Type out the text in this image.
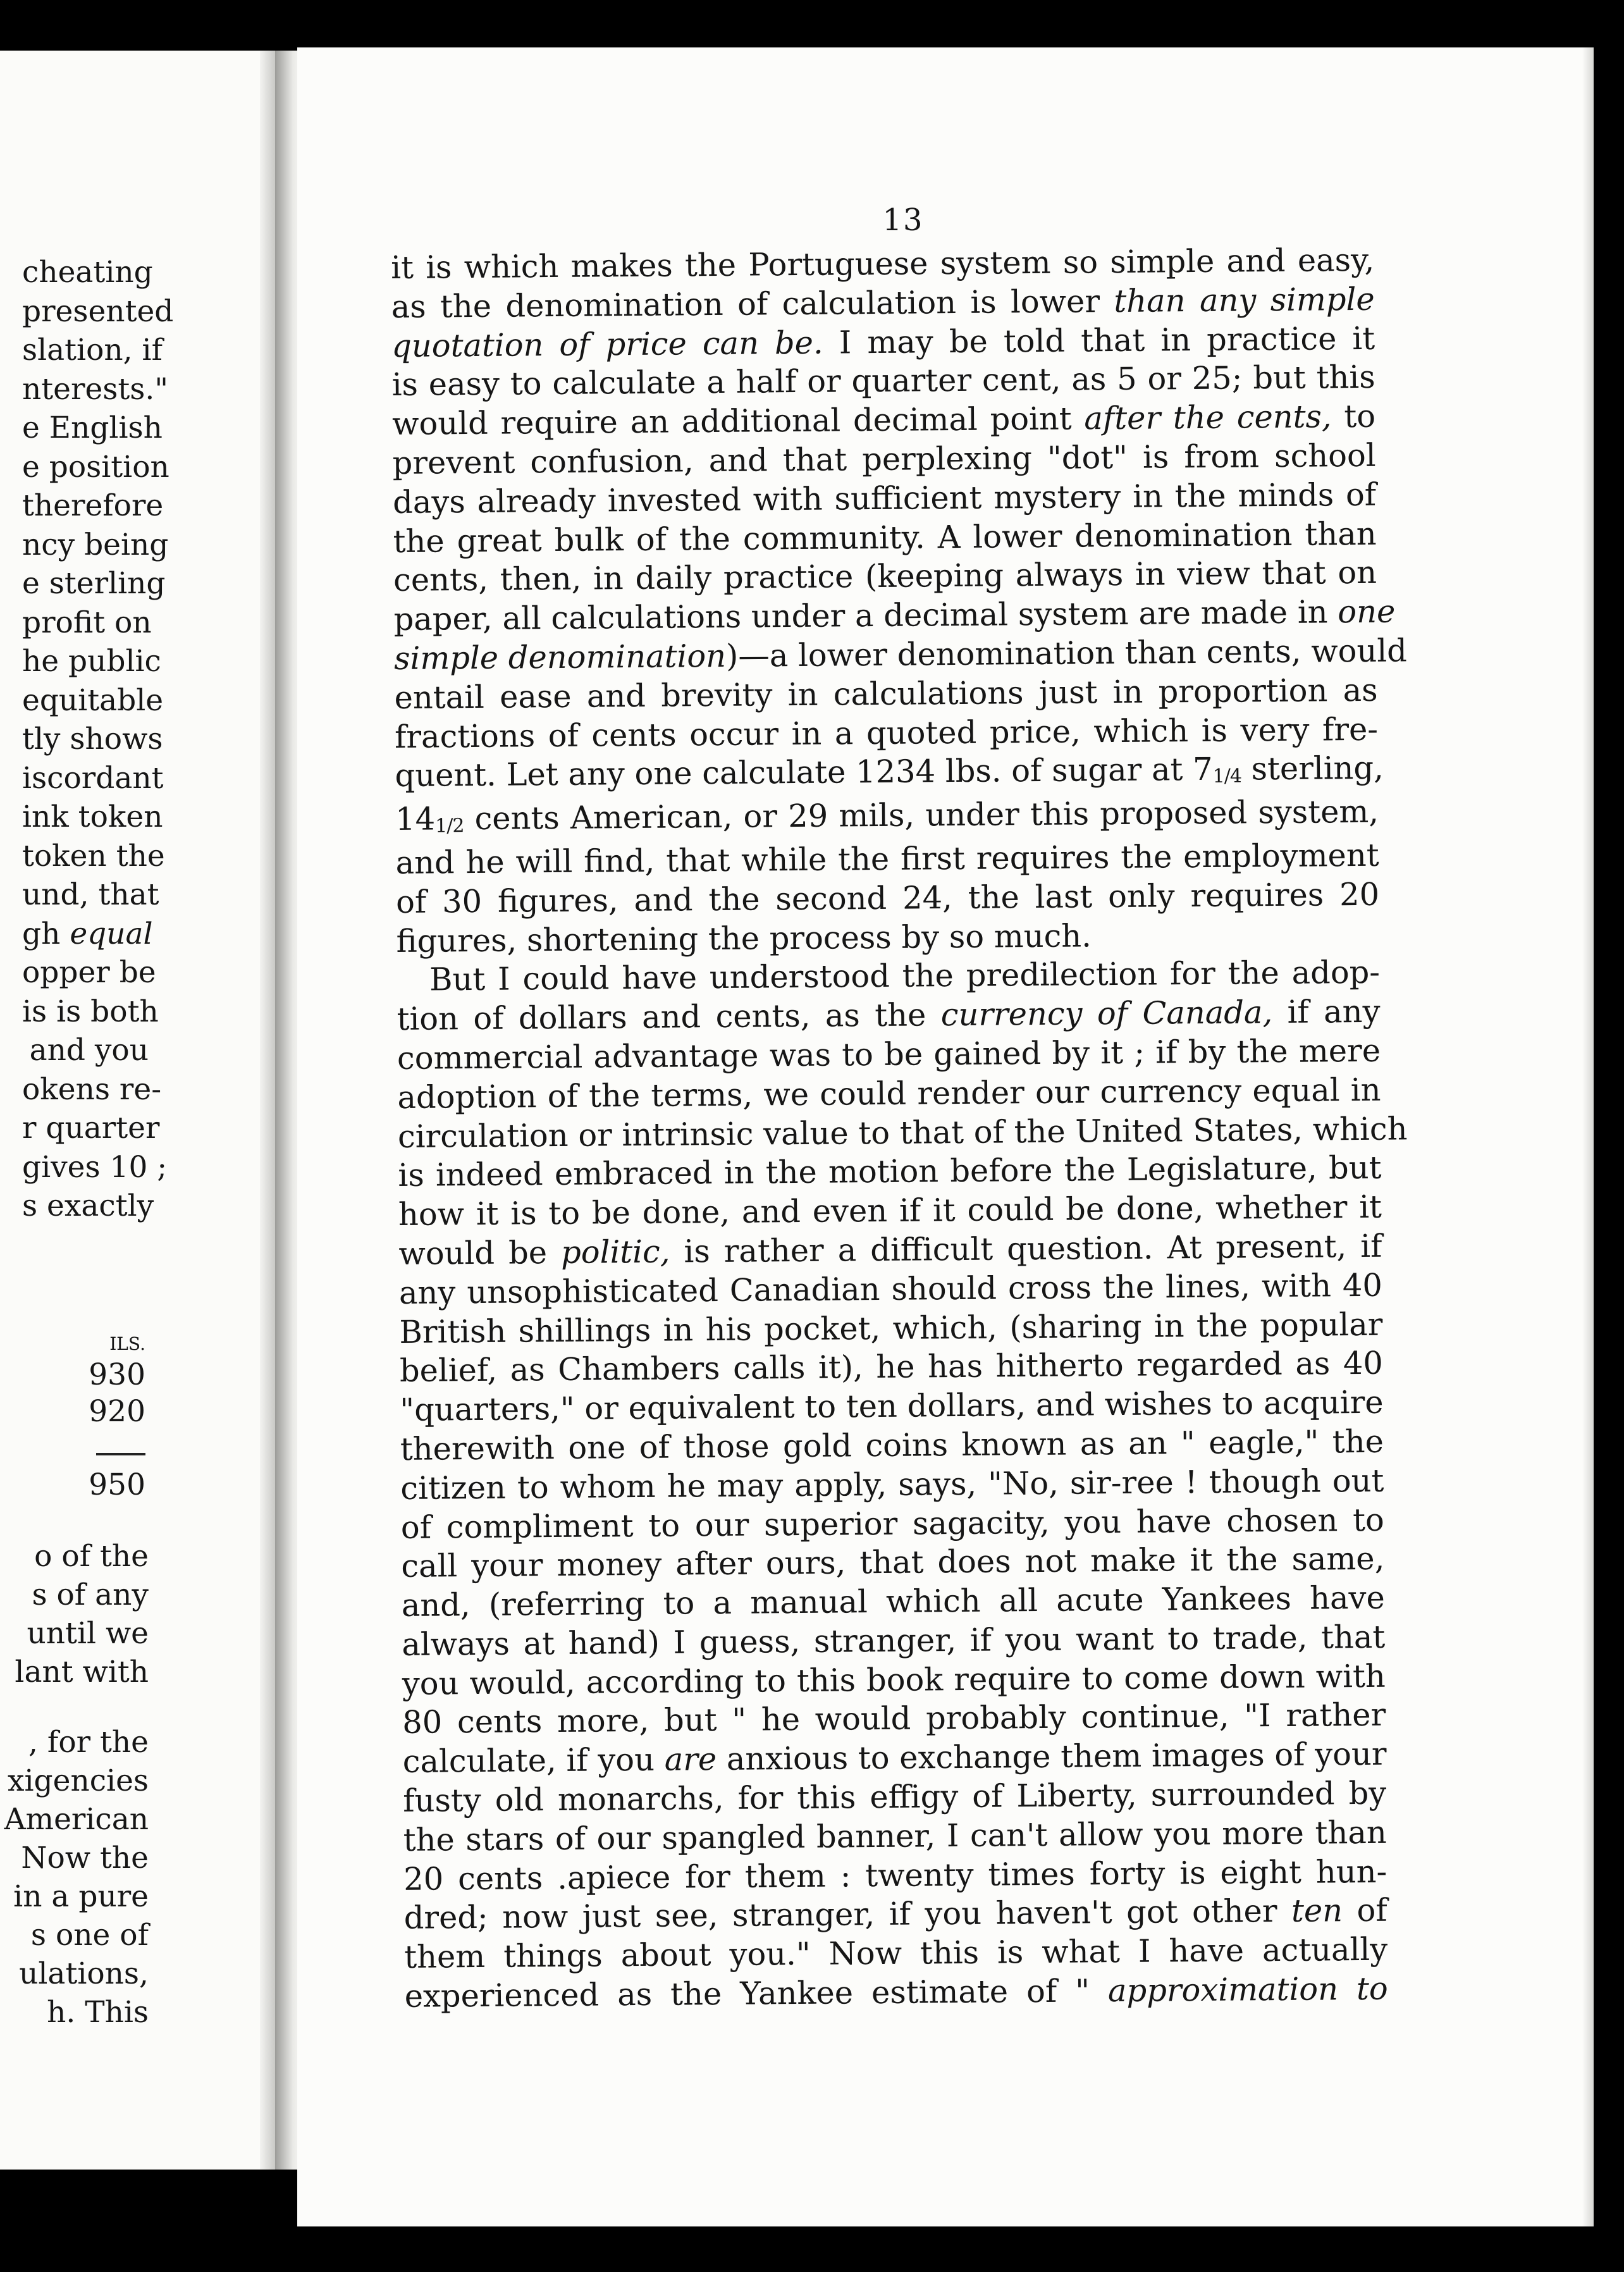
cheating
presented
slation, if
nterests."
e English
e position
therefore
ncy being
e sterling
profit on
he public
equitable
tly shows
iscordant
ink token
token the
und, that
gh equal
opper be
is is both
and you
okens re-
r quarter
gives 10 ;
s exactly
ILS.
930
920
950
o of the
s of any
until we
lant with
, for the
xigencies
American
Now the
in a pure
s one of
ulations,
h. This
13
it is which makes the Portuguese system so simple and easy,
as the denomination of calculation is lower than any simple
quotation of price can be. I may be told that in practice it
is easy to calculate a half or quarter cent, as 5 or 25; but this
would require an additional decimal point after the cents, to
prevent confusion, and that perplexing "dot" is from school
days already invested with sufficient mystery in the minds of
the great bulk of the community. A lower denomination than
cents, then, in daily practice (keeping always in view that on
paper, all calculations under a decimal system are made in one
simple denomination)—a lower denomination than cents, would
entail ease and brevity in calculations just in proportion as
fractions of cents occur in a quoted price, which is very fre-
quent. Let any one calculate 1234 lbs. of sugar at 71/4 sterling,
141/2 cents American, or 29 mils, under this proposed system,
and he will find, that while the first requires the employment
of 30 figures, and the second 24, the last only requires 20
figures, shortening the process by so much.
But I could have understood the predilection for the adop-
tion of dollars and cents, as the currency of Canada, if any
commercial advantage was to be gained by it ; if by the mere
adoption of the terms, we could render our currency equal in
circulation or intrinsic value to that of the United States, which
is indeed embraced in the motion before the Legislature, but
how it is to be done, and even if it could be done, whether it
would be politic, is rather a difficult question. At present, if
any unsophisticated Canadian should cross the lines, with 40
British shillings in his pocket, which, (sharing in the popular
belief, as Chambers calls it), he has hitherto regarded as 40
"quarters," or equivalent to ten dollars, and wishes to acquire
therewith one of those gold coins known as an " eagle," the
citizen to whom he may apply, says, "No, sir-ree ! though out
of compliment to our superior sagacity, you have chosen to
call your money after ours, that does not make it the same,
and, (referring to a manual which all acute Yankees have
always at hand) I guess, stranger, if you want to trade, that
you would, according to this book require to come down with
80 cents more, but " he would probably continue, "I rather
calculate, if you are anxious to exchange them images of your
fusty old monarchs, for this effigy of Liberty, surrounded by
the stars of our spangled banner, I can't allow you more than
20 cents .apiece for them : twenty times forty is eight hun-
dred; now just see, stranger, if you haven't got other ten of
them things about you." Now this is what I have actually
experienced as the Yankee estimate of " approximation to
